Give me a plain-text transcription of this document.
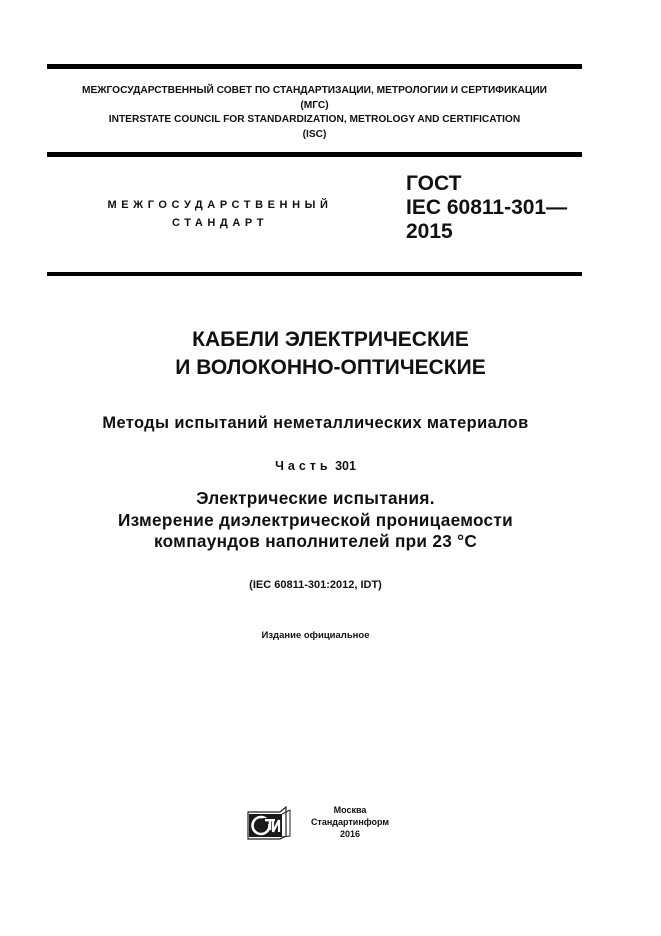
МЕЖГОСУДАРСТВЕННЫЙ СОВЕТ ПО СТАНДАРТИЗАЦИИ, МЕТРОЛОГИИ И СЕРТИФИКАЦИИ
(МГС)
INTERSTATE COUNCIL FOR STANDARDIZATION, METROLOGY AND CERTIFICATION
(ISC)
МЕЖГОСУДАРСТВЕННЫЙ
СТАНДАРТ
ГОСТ
IEC 60811-301—
2015
КАБЕЛИ ЭЛЕКТРИЧЕСКИЕ
И ВОЛОКОННО-ОПТИЧЕСКИЕ
Методы испытаний неметаллических материалов
Часть 301
Электрические испытания.
Измерение диэлектрической проницаемости
компаундов наполнителей при 23 °С
(IEC 60811-301:2012, IDT)
Издание официальное
Москва
Стандартинформ
2016
